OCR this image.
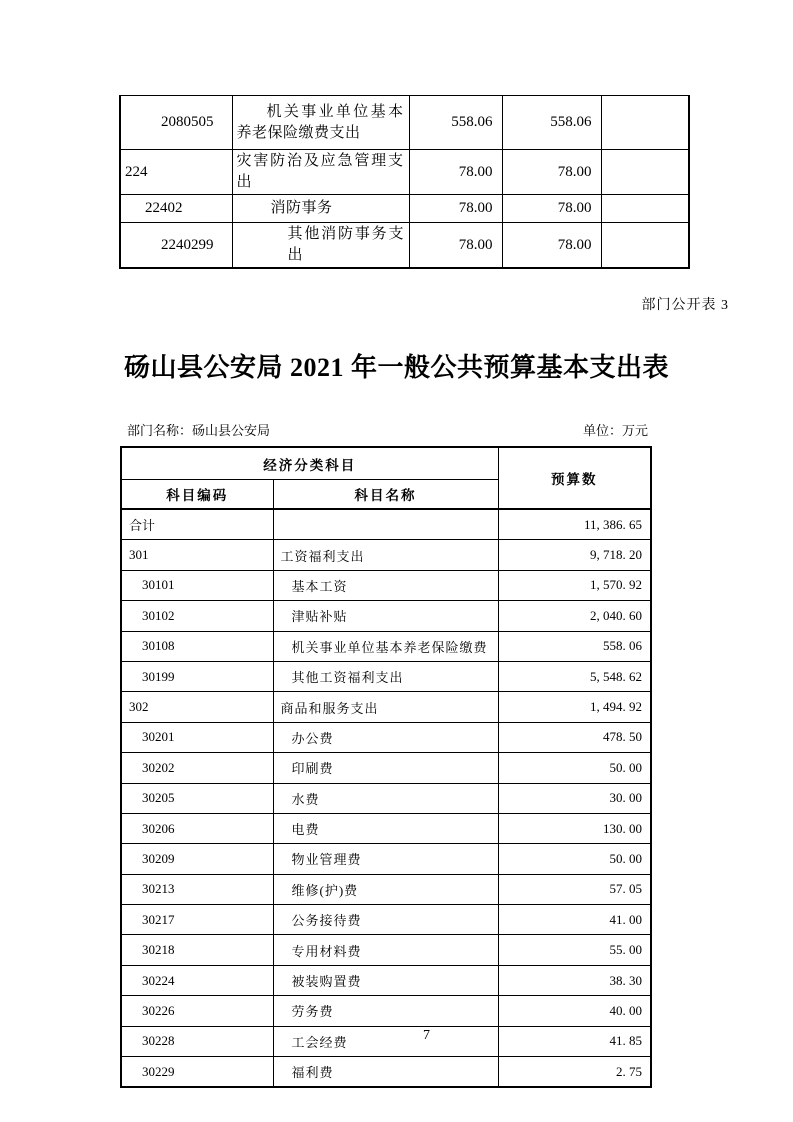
2080505	机关事业单位基本养老保险缴费支出	558.06	558.06	
224	灾害防治及应急管理支出	78.00	78.00	
22402	消防事务	78.00	78.00	
2240299	其他消防事务支出	78.00	78.00	
部门公开表 3
砀山县公安局 2021 年一般公共预算基本支出表
部门名称：砀山县公安局	单位：万元
经济分类科目		预算数
科目编码	科目名称	
合计		11, 386. 65
301	工资福利支出	9, 718. 20
30101	基本工资	1, 570. 92
30102	津贴补贴	2, 040. 60
30108	机关事业单位基本养老保险缴费	558. 06
30199	其他工资福利支出	5, 548. 62
302	商品和服务支出	1, 494. 92
30201	办公费	478. 50
30202	印刷费	50. 00
30205	水费	30. 00
30206	电费	130. 00
30209	物业管理费	50. 00
30213	维修(护)费	57. 05
30217	公务接待费	41. 00
30218	专用材料费	55. 00
30224	被装购置费	38. 30
30226	劳务费	40. 00
30228	工会经费	41. 85
30229	福利费	2. 75
7
